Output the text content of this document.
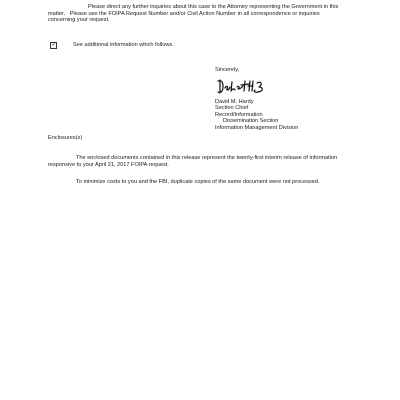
Please direct any further inquiries about this case to the Attorney representing the Government in this
matter. Please use the FOIPA Request Number and/or Civil Action Number in all correspondence or inquiries
concerning your request.
✓	See additional information which follows.
Sincerely,
David M. Hardy
Section Chief
Record/Information
Dissemination Section
Information Management Division
Enclosures(s)
The enclosed documents contained in this release represent the twenty-first interim release of information
responsive to your April 21, 2017 FOIPA request.
To minimize costs to you and the FBI, duplicate copies of the same document were not processed.
